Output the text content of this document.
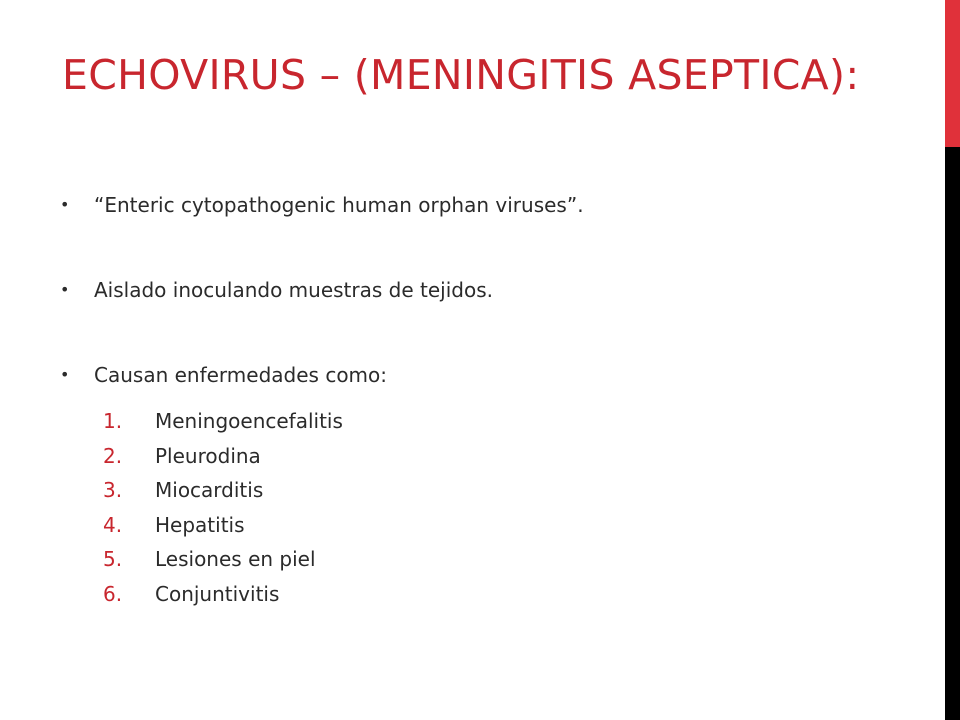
ECHOVIRUS – (MENINGITIS ASEPTICA):
• “Enteric cytopathogenic human orphan viruses”.
• Aislado inoculando muestras de tejidos.
• Causan enfermedades como:
1. Meningoencefalitis
2. Pleurodina
3. Miocarditis
4. Hepatitis
5. Lesiones en piel
6. Conjuntivitis
